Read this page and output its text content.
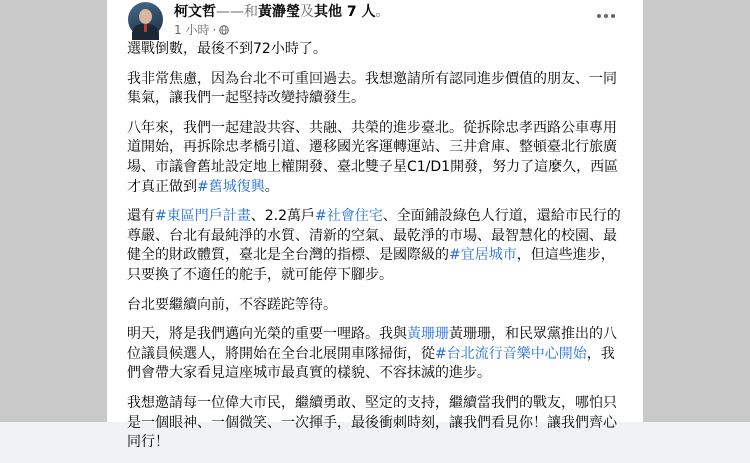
柯文哲——和黃瀞瑩及其他 7 人。
1 小時 ·

選戰倒數，最後不到72小時了。

我非常焦慮，因為台北不可重回過去。我想邀請所有認同進步價值的朋友、一同集氣，讓我們一起堅持改變持續發生。

八年來，我們一起建設共容、共融、共榮的進步臺北。從拆除忠孝西路公車專用道開始，再拆除忠孝橋引道、遷移國光客運轉運站、三井倉庫、整頓臺北行旅廣場、市議會舊址設定地上權開發、臺北雙子星C1/D1開發，努力了這麼久，西區才真正做到#舊城復興。

還有#東區門戶計畫、2.2萬戶#社會住宅、全面鋪設綠色人行道，還給市民行的尊嚴、台北有最純淨的水質、清新的空氣、最乾淨的市場、最智慧化的校園、最健全的財政體質，臺北是全台灣的指標、是國際級的#宜居城市，但這些進步，只要換了不適任的舵手，就可能停下腳步。

台北要繼續向前，不容蹉跎等待。

明天，將是我們邁向光榮的重要一哩路。我與黃珊珊黃珊珊，和民眾黨推出的八位議員候選人，將開始在全台北展開車隊掃街，從#台北流行音樂中心開始，我們會帶大家看見這座城市最真實的樣貌、不容抹滅的進步。

我想邀請每一位偉大市民，繼續勇敢、堅定的支持，繼續當我們的戰友，哪怕只是一個眼神、一個微笑、一次揮手，最後衝刺時刻，讓我們看見你！讓我們齊心同行！
